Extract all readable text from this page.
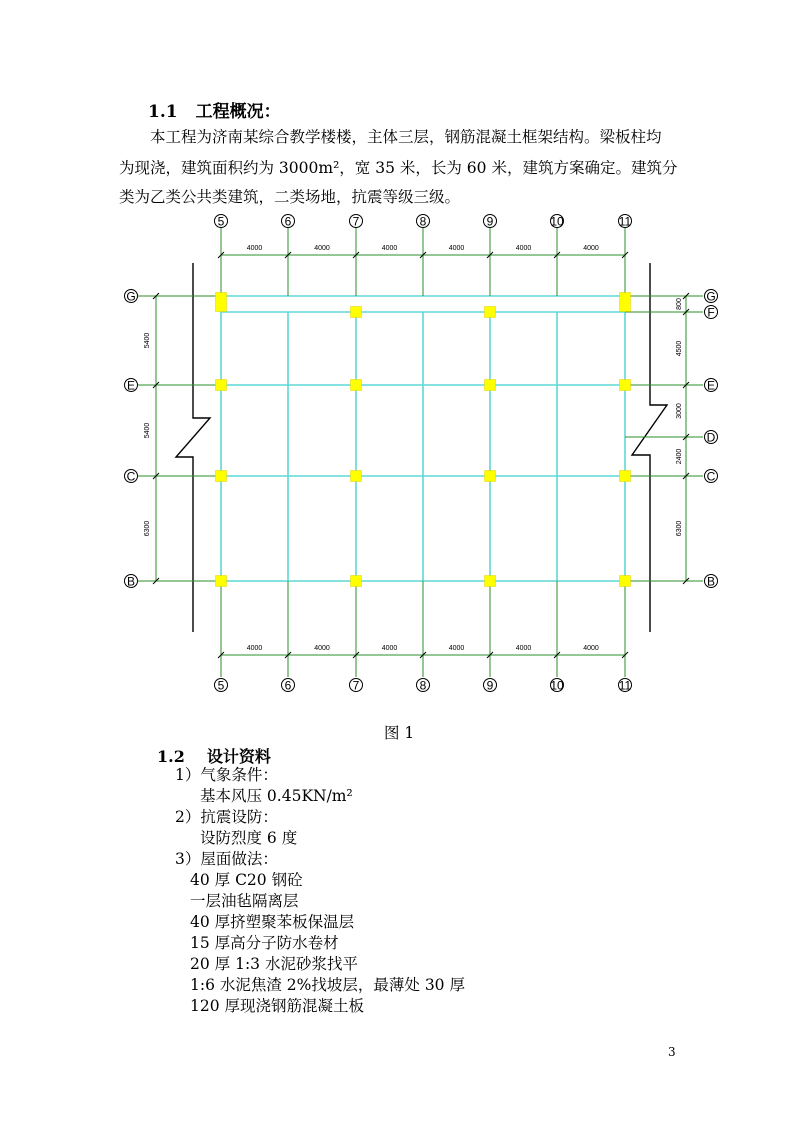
1.1 工程概况：
本工程为济南某综合教学楼楼，主体三层，钢筋混凝土框架结构。梁板柱均
为现浇，建筑面积约为 3000m²，宽 35 米，长为 60 米，建筑方案确定。建筑分
类为乙类公共类建筑，二类场地，抗震等级三级。
5
5
6
6
7
7
8
8
9
9
10
10
11
11
G
E
C
B
G
F
E
D
C
B
4000
4000
4000
4000
4000
4000
4000
4000
4000
4000
4000
4000
5400
5400
6300
800
4500
3000
2400
6300
图 1
1.2 设计资料
1）气象条件：
基本风压 0.45KN/m²
2）抗震设防：
设防烈度 6 度
3）屋面做法：
40 厚 C20 钢砼
一层油毡隔离层
40 厚挤塑聚苯板保温层
15 厚高分子防水卷材
20 厚 1:3 水泥砂浆找平
1:6 水泥焦渣 2%找坡层，最薄处 30 厚
120 厚现浇钢筋混凝土板
3
